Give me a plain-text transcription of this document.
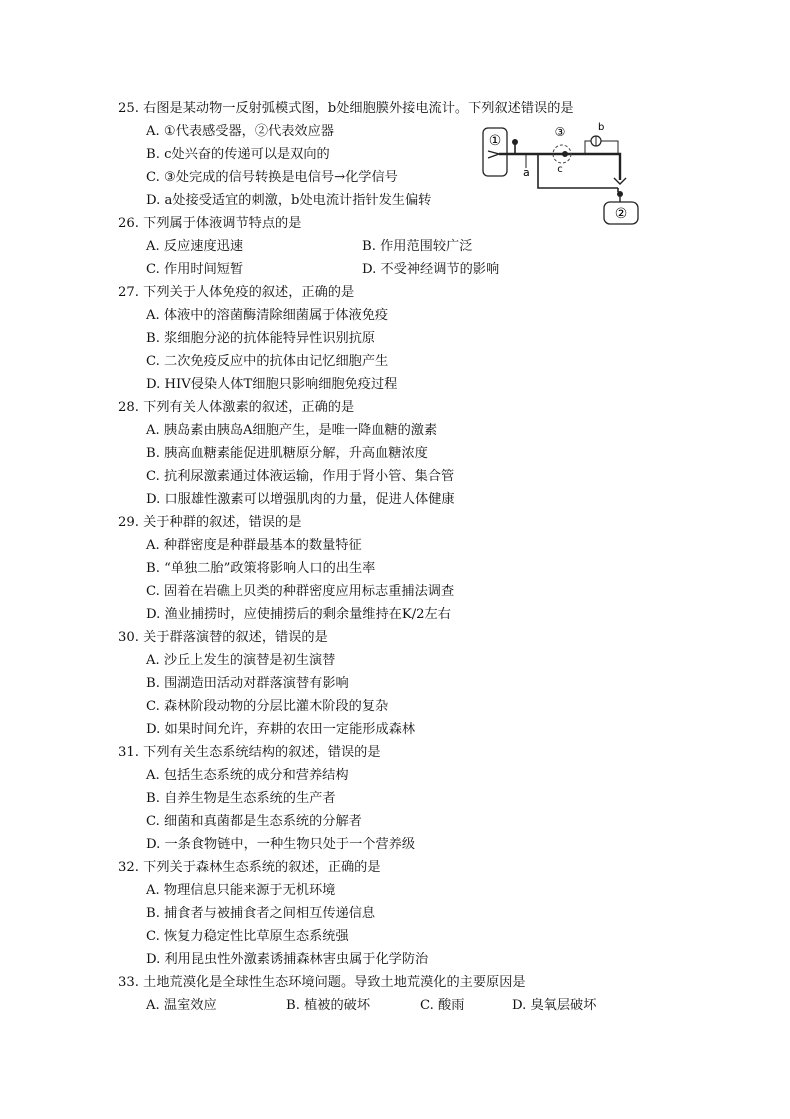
25. 右图是某动物一反射弧模式图，b处细胞膜外接电流计。下列叙述错误的是
A. ①代表感受器，②代表效应器
B. c处兴奋的传递可以是双向的
C. ③处完成的信号转换是电信号→化学信号
D. a处接受适宜的刺激，b处电流计指针发生偏转
①
a
③
c
b
②
26. 下列属于体液调节特点的是
A. 反应速度迅速	B. 作用范围较广泛
C. 作用时间短暂	D. 不受神经调节的影响
27. 下列关于人体免疫的叙述，正确的是
A. 体液中的溶菌酶清除细菌属于体液免疫
B. 浆细胞分泌的抗体能特异性识别抗原
C. 二次免疫反应中的抗体由记忆细胞产生
D. HIV侵染人体T细胞只影响细胞免疫过程
28. 下列有关人体激素的叙述，正确的是
A. 胰岛素由胰岛A细胞产生，是唯一降血糖的激素
B. 胰高血糖素能促进肌糖原分解，升高血糖浓度
C. 抗利尿激素通过体液运输，作用于肾小管、集合管
D. 口服雄性激素可以增强肌肉的力量，促进人体健康
29. 关于种群的叙述，错误的是
A. 种群密度是种群最基本的数量特征
B. “单独二胎”政策将影响人口的出生率
C. 固着在岩礁上贝类的种群密度应用标志重捕法调查
D. 渔业捕捞时，应使捕捞后的剩余量维持在K/2左右
30. 关于群落演替的叙述，错误的是
A. 沙丘上发生的演替是初生演替
B. 围湖造田活动对群落演替有影响
C. 森林阶段动物的分层比灌木阶段的复杂
D. 如果时间允许，弃耕的农田一定能形成森林
31. 下列有关生态系统结构的叙述，错误的是
A. 包括生态系统的成分和营养结构
B. 自养生物是生态系统的生产者
C. 细菌和真菌都是生态系统的分解者
D. 一条食物链中，一种生物只处于一个营养级
32. 下列关于森林生态系统的叙述，正确的是
A. 物理信息只能来源于无机环境
B. 捕食者与被捕食者之间相互传递信息
C. 恢复力稳定性比草原生态系统强
D. 利用昆虫性外激素诱捕森林害虫属于化学防治
33. 土地荒漠化是全球性生态环境问题。导致土地荒漠化的主要原因是
A. 温室效应	B. 植被的破坏	C. 酸雨	D. 臭氧层破坏
